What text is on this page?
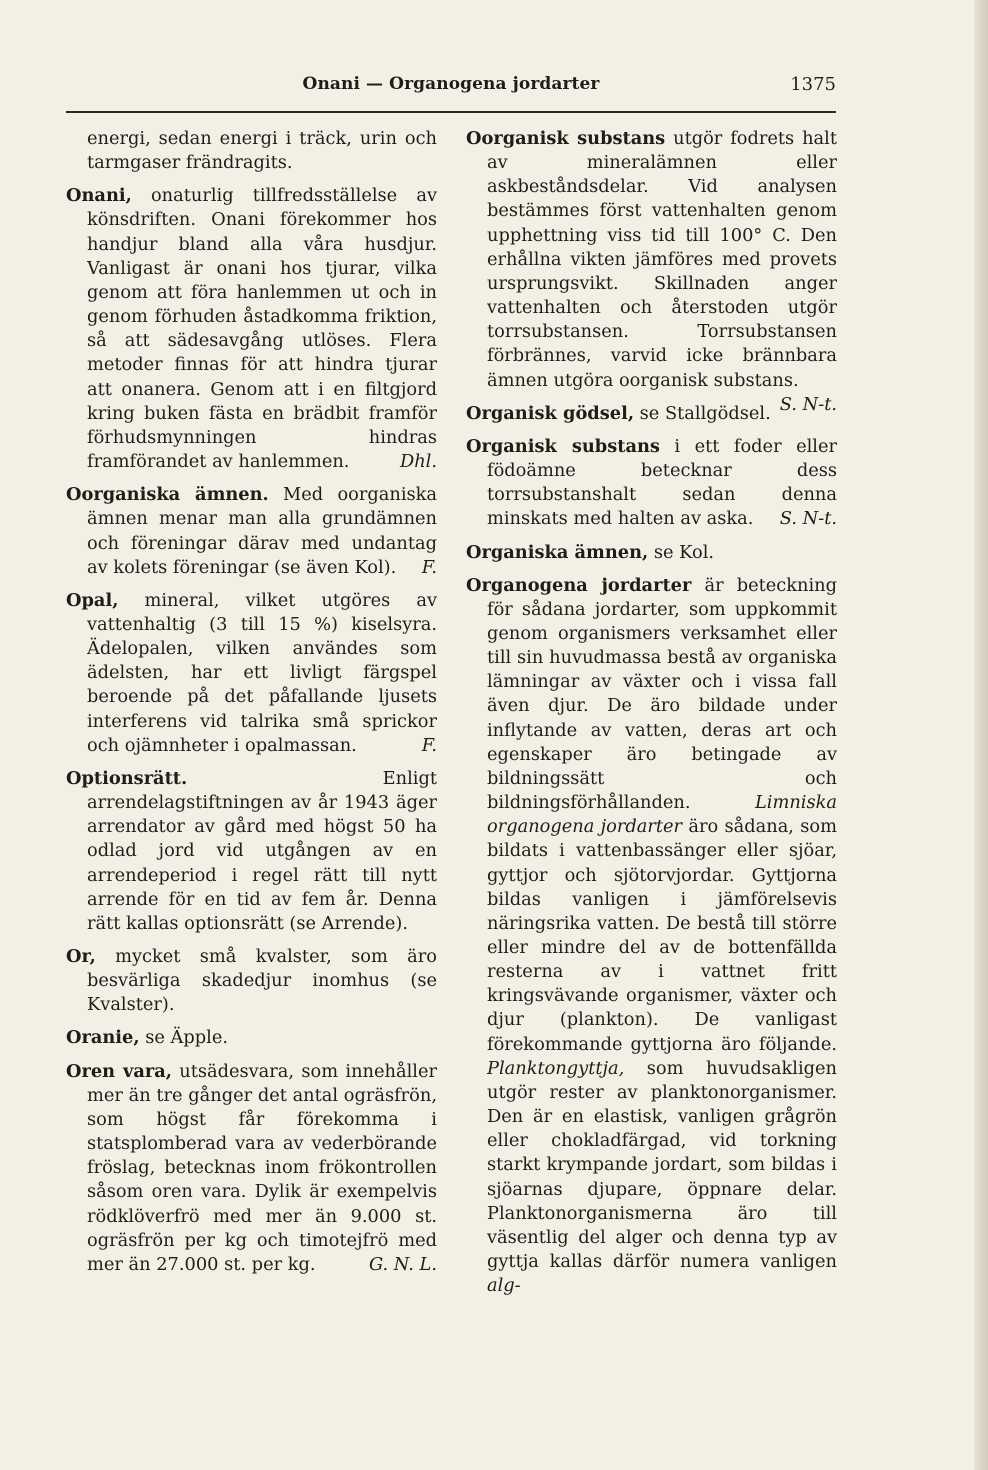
Onani — Organogena jordarter	1375

energi, sedan energi i träck, urin och tarmgaser frändragits.

Onani, onaturlig tillfredsställelse av könsdriften. Onani förekommer hos handjur bland alla våra husdjur. Vanligast är onani hos tjurar, vilka genom att föra hanlemmen ut och in genom förhuden åstadkomma friktion, så att sädesavgång utlöses. Flera metoder finnas för att hindra tjurar att onanera. Genom att i en filtgjord kring buken fästa en brädbit framför förhudsmynningen hindras framförandet av hanlemmen.	Dhl.

Oorganiska ämnen. Med oorganiska ämnen menar man alla grundämnen och föreningar därav med undantag av kolets föreningar (se även Kol). F.

Opal, mineral, vilket utgöres av vattenhaltig (3 till 15 %) kiselsyra. Ädelopalen, vilken användes som ädelsten, har ett livligt färgspel beroende på det påfallande ljusets interferens vid talrika små sprickor och ojämnheter i opalmassan.	F.

Optionsrätt. Enligt arrendelagstiftningen av år 1943 äger arrendator av gård med högst 50 ha odlad jord vid utgången av en arrendeperiod i regel rätt till nytt arrende för en tid av fem år. Denna rätt kallas optionsrätt (se Arrende).

Or, mycket små kvalster, som äro besvärliga skadedjur inomhus (se Kvalster).

Oranie, se Äpple.

Oren vara, utsädesvara, som innehåller mer än tre gånger det antal ogräsfrön, som högst får förekomma i statsplomberad vara av vederbörande fröslag, betecknas inom frökontrollen såsom oren vara. Dylik är exempelvis rödklöverfrö med mer än 9.000 st. ogräsfrön per kg och timotejfrö med mer än 27.000 st. per kg.	G. N. L.

Oorganisk substans utgör fodrets halt av mineralämnen eller askbeståndsdelar. Vid analysen bestämmes först vattenhalten genom upphettning viss tid till 100° C. Den erhållna vikten jämföres med provets ursprungsvikt. Skillnaden anger vattenhalten och återstoden utgör torrsubstansen. Torrsubstansen förbrännes, varvid icke brännbara ämnen utgöra oorganisk substans.
S. N-t.

Organisk gödsel, se Stallgödsel.

Organisk substans i ett foder eller födoämne betecknar dess torrsubstanshalt sedan denna minskats med halten av aska. S. N-t.

Organiska ämnen, se Kol.

Organogena jordarter är beteckning för sådana jordarter, som uppkommit genom organismers verksamhet eller till sin huvudmassa bestå av organiska lämningar av växter och i vissa fall även djur. De äro bildade under inflytande av vatten, deras art och egenskaper äro betingade av bildningssätt och bildningsförhållanden. Limniska organogena jordarter äro sådana, som bildats i vattenbassänger eller sjöar, gyttjor och sjötorvjordar. Gyttjorna bildas vanligen i jämförelsevis näringsrika vatten. De bestå till större eller mindre del av de bottenfällda resterna av i vattnet fritt kringsvävande organismer, växter och djur (plankton). De vanligast förekommande gyttjorna äro följande. Planktongyttja, som huvudsakligen utgör rester av planktonorganismer. Den är en elastisk, vanligen grågrön eller chokladfärgad, vid torkning starkt krympande jordart, som bildas i sjöarnas djupare, öppnare delar. Planktonorganismerna äro till väsentlig del alger och denna typ av gyttja kallas därför numera vanligen alg-
